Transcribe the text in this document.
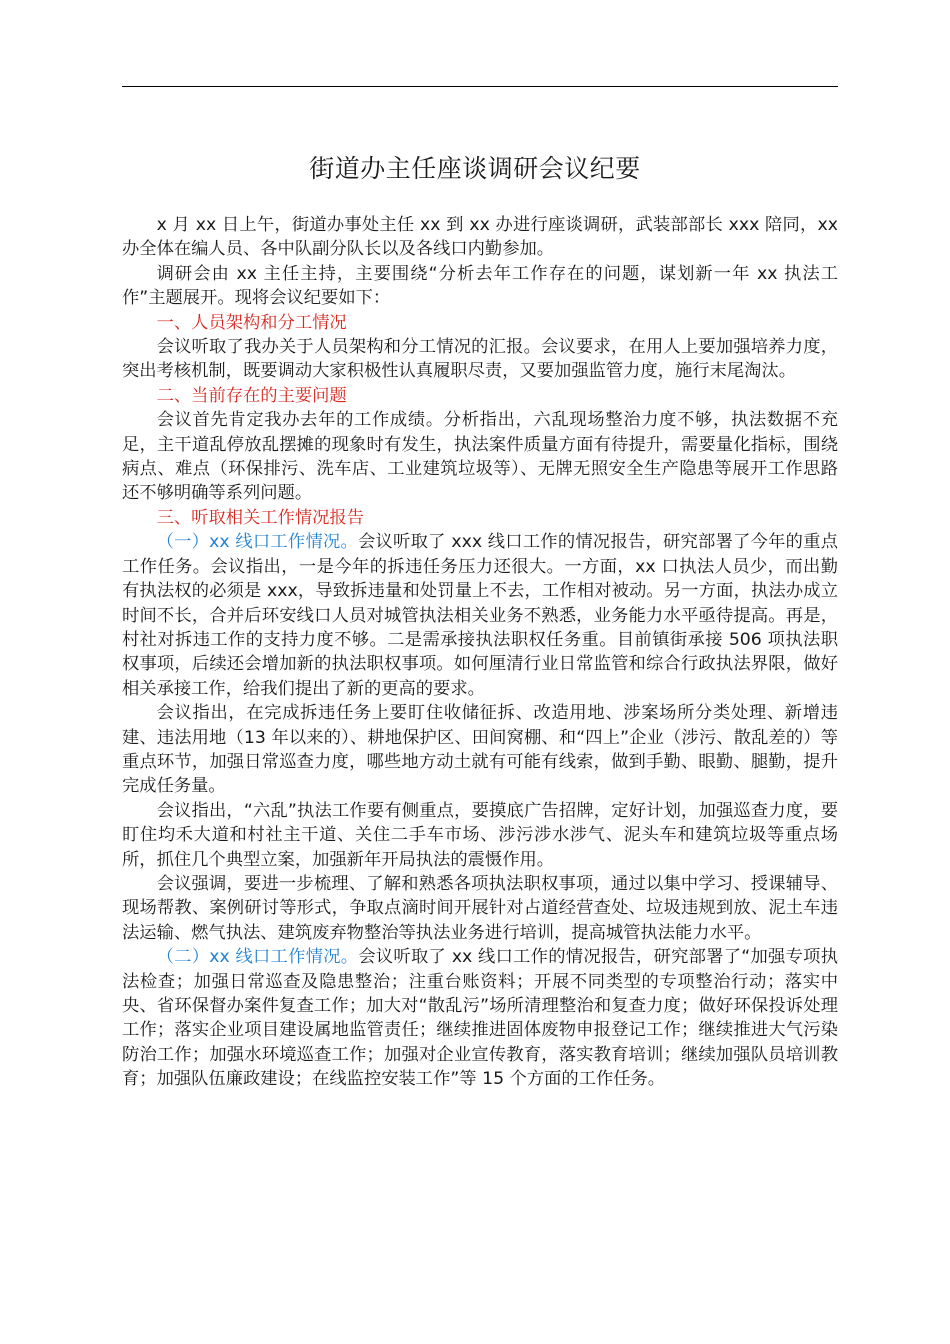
街道办主任座谈调研会议纪要

x 月 xx 日上午，街道办事处主任 xx 到 xx 办进行座谈调研，武装部部长 xxx 陪同，xx 办全体在编人员、各中队副分队长以及各线口内勤参加。

调研会由 xx 主任主持，主要围绕“分析去年工作存在的问题，谋划新一年 xx 执法工作”主题展开。现将会议纪要如下：

一、人员架构和分工情况

会议听取了我办关于人员架构和分工情况的汇报。会议要求，在用人上要加强培养力度，突出考核机制，既要调动大家积极性认真履职尽责，又要加强监管力度，施行末尾淘汰。

二、当前存在的主要问题

会议首先肯定我办去年的工作成绩。分析指出，六乱现场整治力度不够，执法数据不充足，主干道乱停放乱摆摊的现象时有发生，执法案件质量方面有待提升，需要量化指标，围绕病点、难点（环保排污、洗车店、工业建筑垃圾等）、无牌无照安全生产隐患等展开工作思路还不够明确等系列问题。

三、听取相关工作情况报告

（一）xx 线口工作情况。会议听取了 xxx 线口工作的情况报告，研究部署了今年的重点工作任务。会议指出，一是今年的拆违任务压力还很大。一方面，xx 口执法人员少，而出勤有执法权的必须是 xxx，导致拆违量和处罚量上不去，工作相对被动。另一方面，执法办成立时间不长，合并后环安线口人员对城管执法相关业务不熟悉，业务能力水平亟待提高。再是，村社对拆违工作的支持力度不够。二是需承接执法职权任务重。目前镇街承接 506 项执法职权事项，后续还会增加新的执法职权事项。如何厘清行业日常监管和综合行政执法界限，做好相关承接工作，给我们提出了新的更高的要求。

会议指出，在完成拆违任务上要盯住收储征拆、改造用地、涉案场所分类处理、新增违建、违法用地（13 年以来的）、耕地保护区、田间窝棚、和“四上”企业（涉污、散乱差的）等重点环节，加强日常巡查力度，哪些地方动土就有可能有线索，做到手勤、眼勤、腿勤，提升完成任务量。

会议指出，“六乱”执法工作要有侧重点，要摸底广告招牌，定好计划，加强巡查力度，要盯住均禾大道和村社主干道、关住二手车市场、涉污涉水涉气、泥头车和建筑垃圾等重点场所，抓住几个典型立案，加强新年开局执法的震慑作用。

会议强调，要进一步梳理、了解和熟悉各项执法职权事项，通过以集中学习、授课辅导、现场帮教、案例研讨等形式，争取点滴时间开展针对占道经营查处、垃圾违规到放、泥土车违法运输、燃气执法、建筑废弃物整治等执法业务进行培训，提高城管执法能力水平。

（二）xx 线口工作情况。会议听取了 xx 线口工作的情况报告，研究部署了“加强专项执法检查；加强日常巡查及隐患整治；注重台账资料；开展不同类型的专项整治行动；落实中央、省环保督办案件复查工作；加大对“散乱污”场所清理整治和复查力度；做好环保投诉处理工作；落实企业项目建设属地监管责任；继续推进固体废物申报登记工作；继续推进大气污染防治工作；加强水环境巡查工作；加强对企业宣传教育，落实教育培训；继续加强队员培训教育；加强队伍廉政建设；在线监控安装工作”等 15 个方面的工作任务。
